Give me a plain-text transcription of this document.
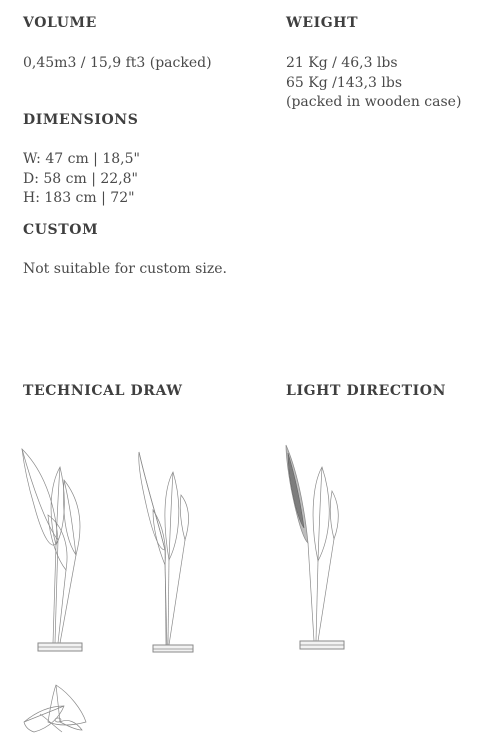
VOLUME
0,45m3 / 15,9 ft3 (packed)
WEIGHT
21 Kg / 46,3 lbs
65 Kg /143,3 lbs
(packed in wooden case)
DIMENSIONS
W: 47 cm | 18,5"
D: 58 cm | 22,8"
H: 183 cm | 72"
CUSTOM
Not suitable for custom size.
TECHNICAL DRAW	LIGHT DIRECTION
